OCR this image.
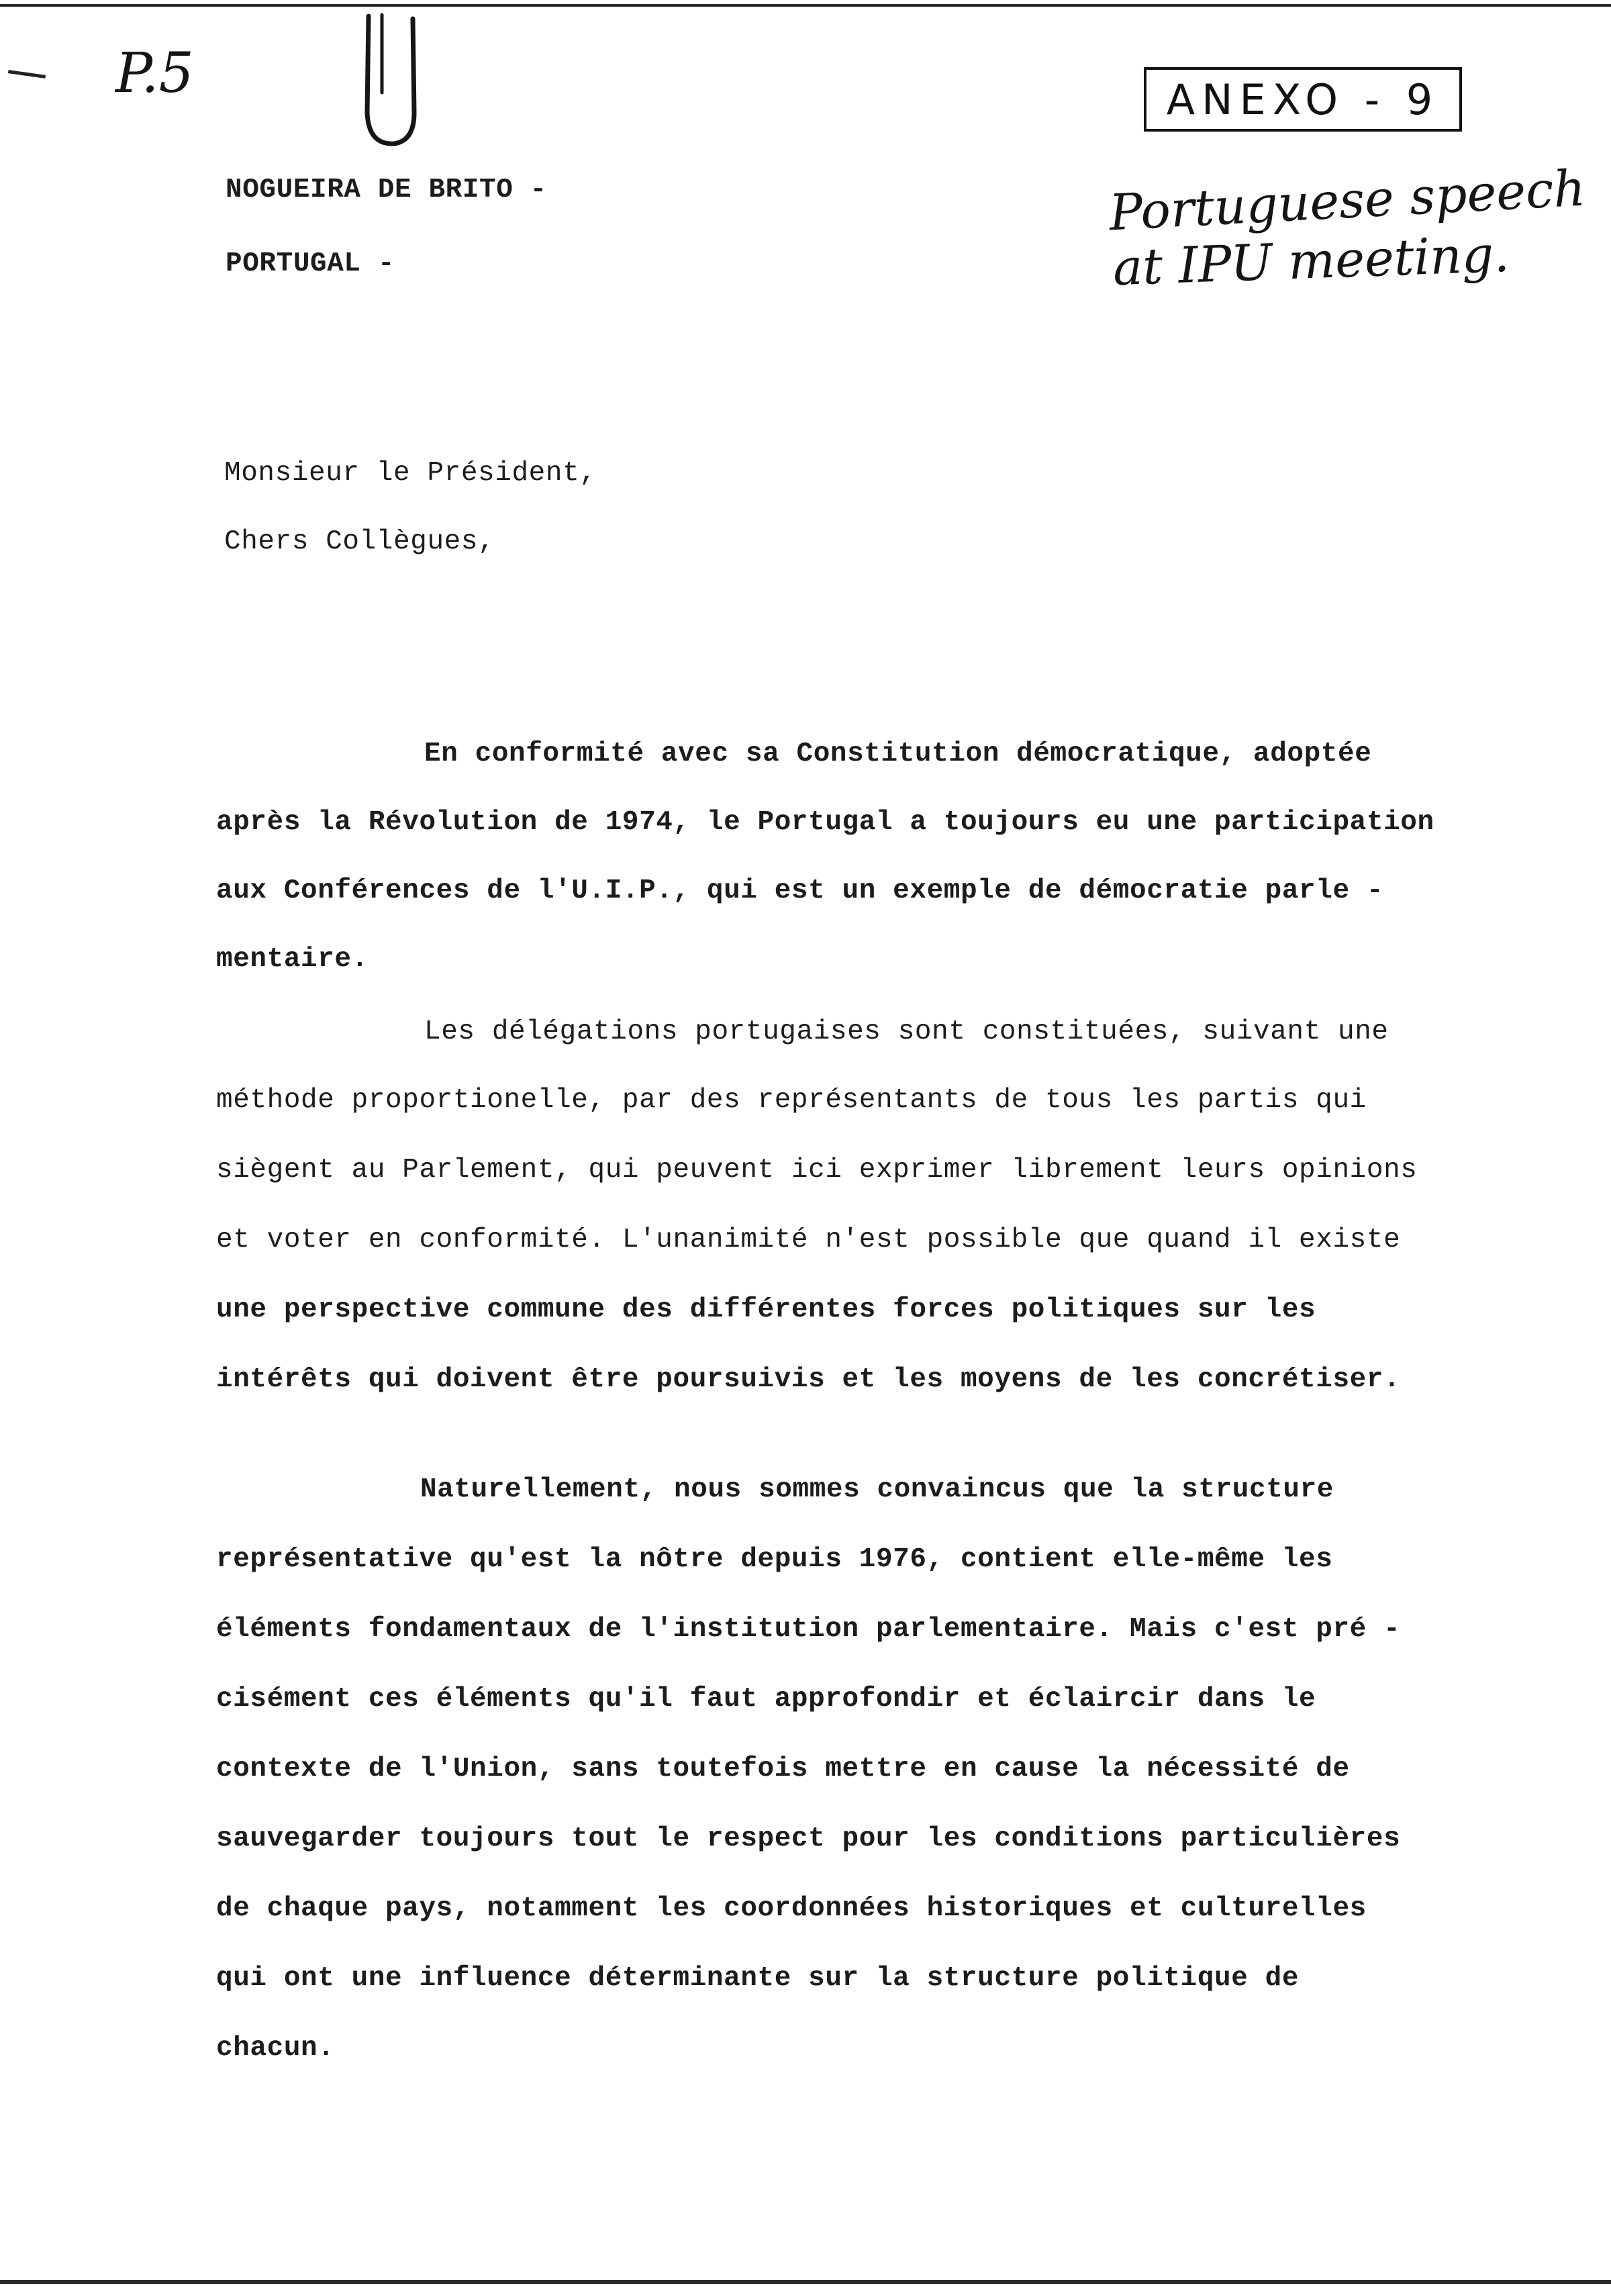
P.5	ANEXO - 9
Portuguese speech
at IPU meeting.
NOGUEIRA DE BRITO -
PORTUGAL -
Monsieur le Président,
Chers Collègues,
En conformité avec sa Constitution démocratique, adoptée
après la Révolution de 1974, le Portugal a toujours eu une participation
aux Conférences de l'U.I.P., qui est un exemple de démocratie parle -
mentaire.
Les délégations portugaises sont constituées, suivant une
méthode proportionelle, par des représentants de tous les partis qui
siègent au Parlement, qui peuvent ici exprimer librement leurs opinions
et voter en conformité. L'unanimité n'est possible que quand il existe
une perspective commune des différentes forces politiques sur les
intérêts qui doivent être poursuivis et les moyens de les concrétiser.
Naturellement, nous sommes convaincus que la structure
représentative qu'est la nôtre depuis 1976, contient elle-même les
éléments fondamentaux de l'institution parlementaire. Mais c'est pré -
cisément ces éléments qu'il faut approfondir et éclaircir dans le
contexte de l'Union, sans toutefois mettre en cause la nécessité de
sauvegarder toujours tout le respect pour les conditions particulières
de chaque pays, notamment les coordonnées historiques et culturelles
qui ont une influence déterminante sur la structure politique de
chacun.
